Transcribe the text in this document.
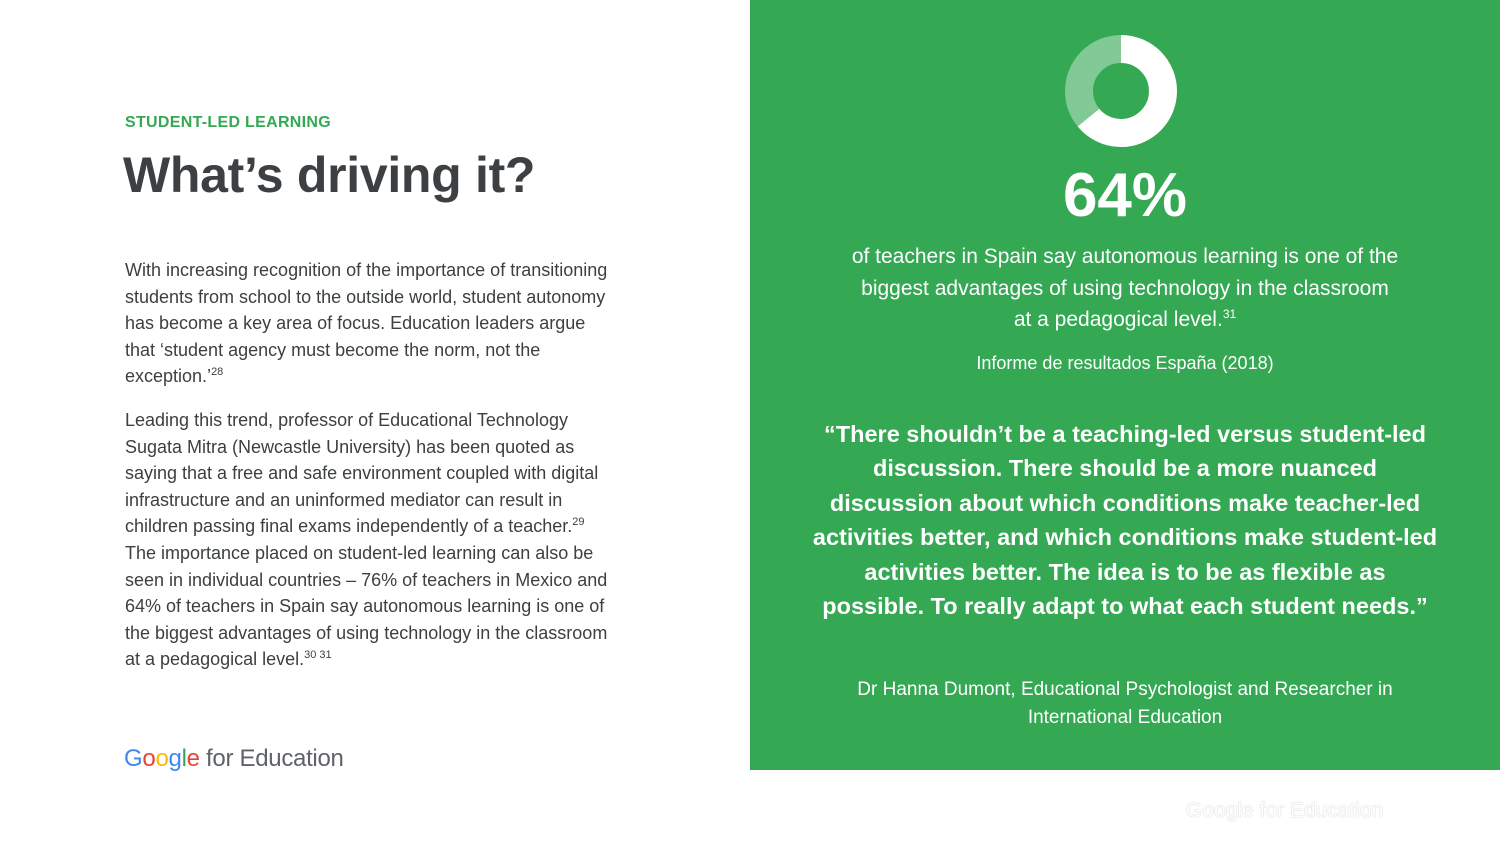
STUDENT-LED LEARNING

What’s driving it?

With increasing recognition of the importance of transitioning students from school to the outside world, student autonomy has become a key area of focus. Education leaders argue that ‘student agency must become the norm, not the exception.’$^{28}$

Leading this trend, professor of Educational Technology Sugata Mitra (Newcastle University) has been quoted as saying that a free and safe environment coupled with digital infrastructure and an uninformed mediator can result in children passing final exams independently of a teacher.$^{29}$ The importance placed on student-led learning can also be seen in individual countries – 76% of teachers in Mexico and 64% of teachers in Spain say autonomous learning is one of the biggest advantages of using technology in the classroom at a pedagogical level.$^{30 31}$

Google for Education

64%

of teachers in Spain say autonomous learning is one of the biggest advantages of using technology in the classroom at a pedagogical level.$^{31}$

Informe de resultados España (2018)

“There shouldn’t be a teaching-led versus student-led discussion. There should be a more nuanced discussion about which conditions make teacher-led activities better, and which conditions make student-led activities better. The idea is to be as flexible as possible. To really adapt to what each student needs.”

Dr Hanna Dumont, Educational Psychologist and Researcher in International Education

Google for Education
